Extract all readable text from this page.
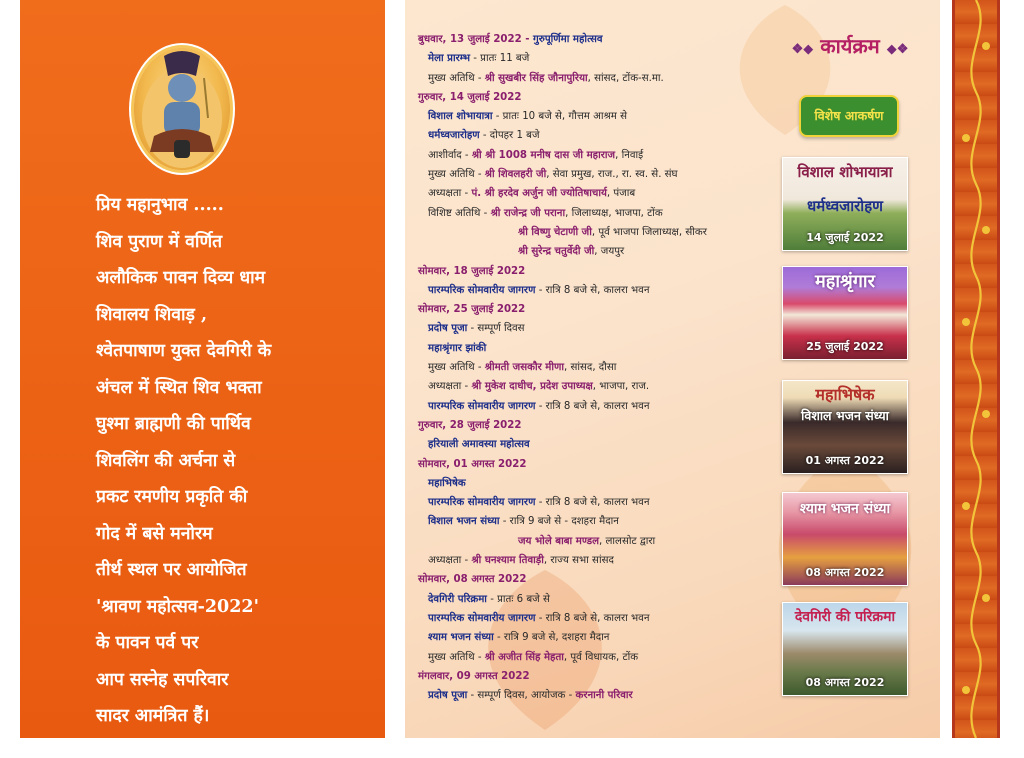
प्रिय महानुभाव .....
शिव पुराण में वर्णित
अलौकिक पावन दिव्य धाम
शिवालय शिवाड़ ,
श्वेतपाषाण युक्त देवगिरी के
अंचल में स्थित शिव भक्ता
घुश्मा ब्राह्मणी की पार्थिव
शिवलिंग की अर्चना से
प्रकट रमणीय प्रकृति की
गोद में बसे मनोरम
तीर्थ स्थल पर आयोजित
'श्रावण महोत्सव-2022'
के पावन पर्व पर
आप सस्नेह सपरिवार
सादर आमंत्रित हैं।
बुधवार, 13 जुलाई 2022 - गुरुपूर्णिमा महोत्सव
मेला प्रारम्भ - प्रातः 11 बजे
मुख्य अतिथि - श्री सुखबीर सिंह जौनापुरिया, सांसद, टोंक-स.मा.
गुरुवार, 14 जुलाई 2022
विशाल शोभायात्रा - प्रातः 10 बजे से, गौत्तम आश्रम से
धर्मध्वजारोहण - दोपहर 1 बजे
आशीर्वाद - श्री श्री 1008 मनीष दास जी महाराज, निवाई
मुख्य अतिथि - श्री शिवलहरी जी, सेवा प्रमुख, राज., रा. स्व. से. संघ
अध्यक्षता - पं. श्री हरदेव अर्जुन जी ज्योतिषाचार्य, पंजाब
विशिष्ट अतिथि - श्री राजेन्द्र जी पराना, जिलाध्यक्ष, भाजपा, टोंक
श्री विष्णु चेटाणी जी, पूर्व भाजपा जिलाध्यक्ष, सीकर
श्री सुरेन्द्र चतुर्वेदी जी, जयपुर
सोमवार, 18 जुलाई 2022
पारम्परिक सोमवारीय जागरण - रात्रि 8 बजे से, कालरा भवन
सोमवार, 25 जुलाई 2022
प्रदोष पूजा - सम्पूर्ण दिवस
महाश्रृंगार झांकी
मुख्य अतिथि - श्रीमती जसकौर मीणा, सांसद, दौसा
अध्यक्षता - श्री मुकेश दाधीच, प्रदेश उपाध्यक्ष, भाजपा, राज.
पारम्परिक सोमवारीय जागरण - रात्रि 8 बजे से, कालरा भवन
गुरुवार, 28 जुलाई 2022
हरियाली अमावस्या महोत्सव
सोमवार, 01 अगस्त 2022
महाभिषेक
पारम्परिक सोमवारीय जागरण - रात्रि 8 बजे से, कालरा भवन
विशाल भजन संध्या - रात्रि 9 बजे से - दशहरा मैदान
जय भोले बाबा मण्डल, लालसोट द्वारा
अध्यक्षता - श्री घनश्याम तिवाड़ी, राज्य सभा सांसद
सोमवार, 08 अगस्त 2022
देवगिरी परिक्रमा - प्रातः 6 बजे से
पारम्परिक सोमवारीय जागरण - रात्रि 8 बजे से, कालरा भवन
श्याम भजन संध्या - रात्रि 9 बजे से, दशहरा मैदान
मुख्य अतिथि - श्री अजीत सिंह मेहता, पूर्व विधायक, टोंक
मंगलवार, 09 अगस्त 2022
प्रदोष पूजा - सम्पूर्ण दिवस, आयोजक - करनानी परिवार
❖◆ कार्यक्रम ◆❖
विशेष आकर्षण
विशाल शोभायात्रा
धर्मध्वजारोहण
14 जुलाई 2022
महाश्रृंगार
25 जुलाई 2022
महाभिषेक
विशाल भजन संध्या
01 अगस्त 2022
श्याम भजन संध्या
08 अगस्त 2022
देवगिरी की परिक्रमा
08 अगस्त 2022
